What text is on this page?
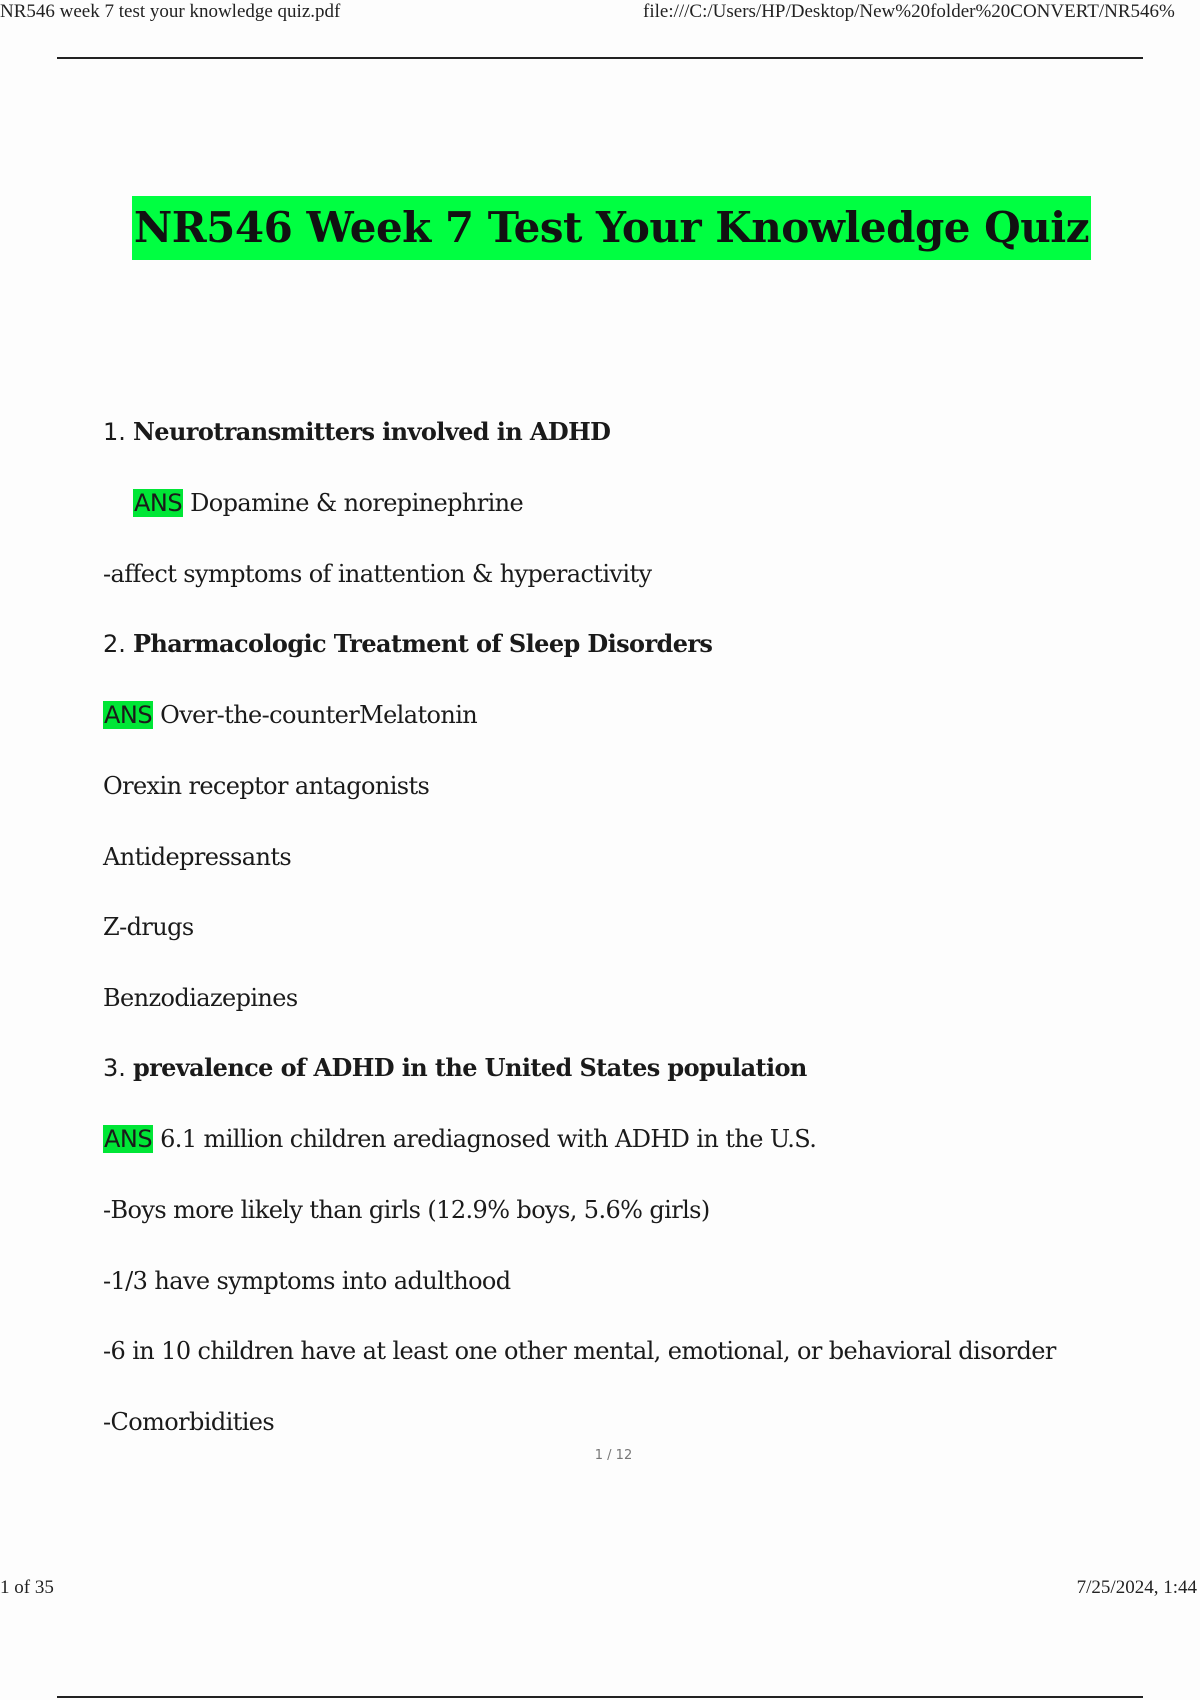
NR546 week 7 test your knowledge quiz.pdf	file:///C:/Users/HP/Desktop/New%20folder%20CONVERT/NR546%
NR546 Week 7 Test Your Knowledge Quiz
1. Neurotransmitters involved in ADHD
ANS Dopamine & norepinephrine
-affect symptoms of inattention & hyperactivity
2. Pharmacologic Treatment of Sleep Disorders
ANS Over-the-counterMelatonin
Orexin receptor antagonists
Antidepressants
Z-drugs
Benzodiazepines
3. prevalence of ADHD in the United States population
ANS 6.1 million children arediagnosed with ADHD in the U.S.
-Boys more likely than girls (12.9% boys, 5.6% girls)
-1/3 have symptoms into adulthood
-6 in 10 children have at least one other mental, emotional, or behavioral disorder
-Comorbidities
1 / 12
1 of 35	7/25/2024, 1:44
